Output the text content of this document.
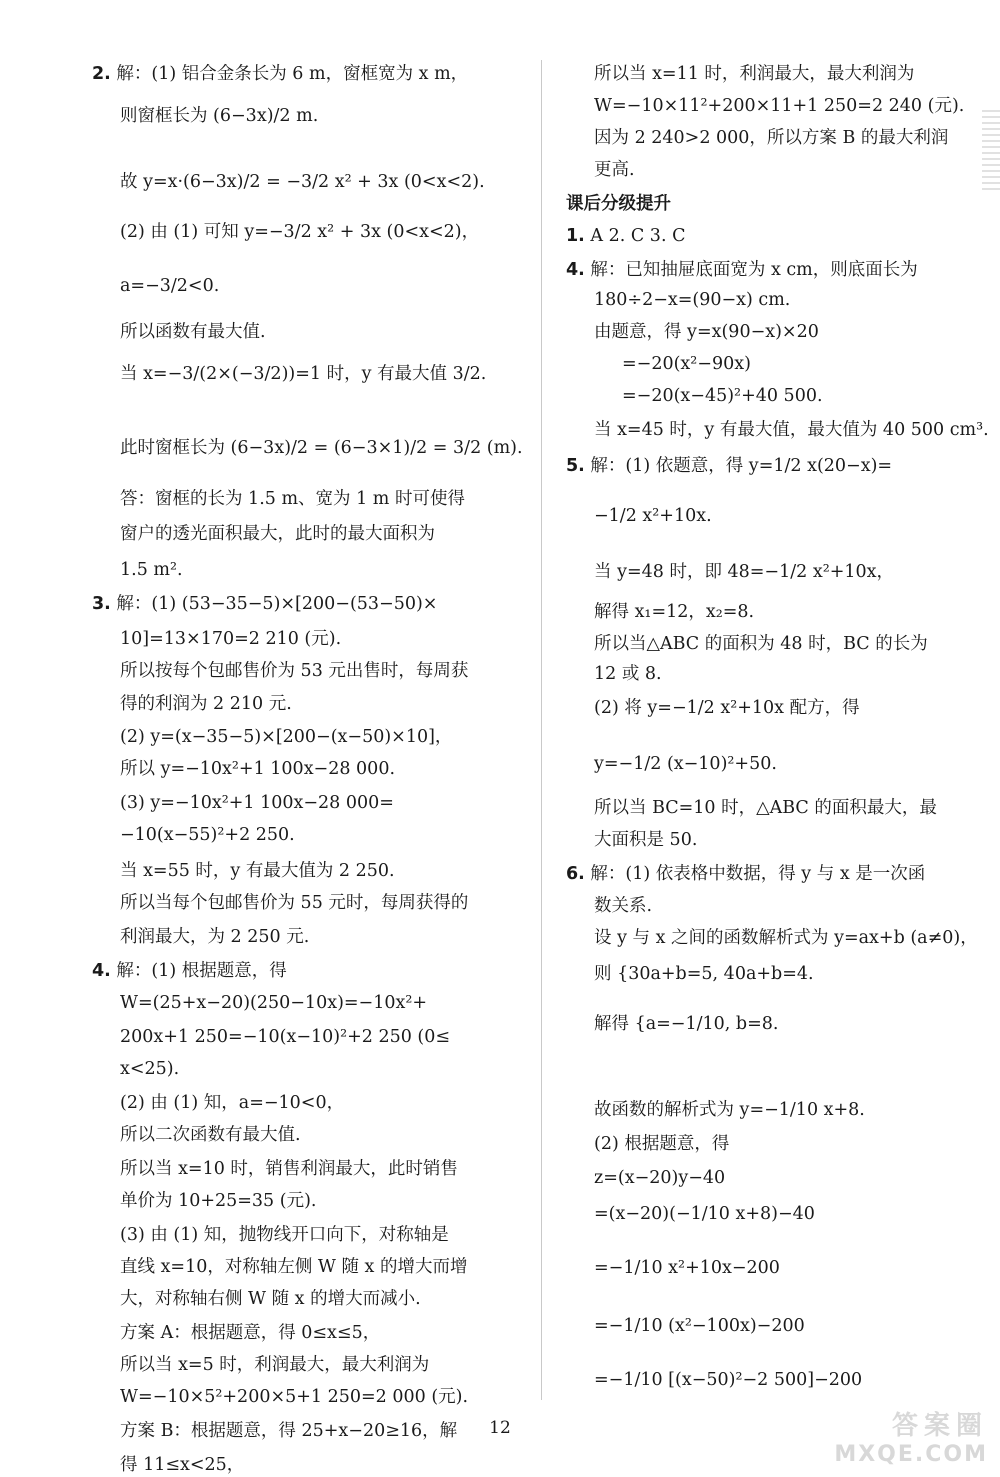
2. 解：(1) 铝合金条长为 6 m，窗框宽为 x m，
则窗框长为 (6−3x)/2 m.
故 y=x·(6−3x)/2 = −3/2 x² + 3x (0<x<2).
(2) 由 (1) 可知 y=−3/2 x² + 3x (0<x<2)，
a=−3/2<0.
所以函数有最大值.
当 x=−3/(2×(−3/2))=1 时，y 有最大值 3/2.
此时窗框长为 (6−3x)/2 = (6−3×1)/2 = 3/2 (m).
答：窗框的长为 1.5 m、宽为 1 m 时可使得
窗户的透光面积最大，此时的最大面积为
1.5 m².
3. 解：(1) (53−35−5)×[200−(53−50)×
10]=13×170=2 210 (元).
所以按每个包邮售价为 53 元出售时，每周获
得的利润为 2 210 元.
(2) y=(x−35−5)×[200−(x−50)×10]，
所以 y=−10x²+1 100x−28 000.
(3) y=−10x²+1 100x−28 000=
−10(x−55)²+2 250.
当 x=55 时，y 有最大值为 2 250.
所以当每个包邮售价为 55 元时，每周获得的
利润最大，为 2 250 元.
4. 解：(1) 根据题意，得
W=(25+x−20)(250−10x)=−10x²+
200x+1 250=−10(x−10)²+2 250 (0≤
x<25).
(2) 由 (1) 知，a=−10<0，
所以二次函数有最大值.
所以当 x=10 时，销售利润最大，此时销售
单价为 10+25=35 (元).
(3) 由 (1) 知，抛物线开口向下，对称轴是
直线 x=10，对称轴左侧 W 随 x 的增大而增
大，对称轴右侧 W 随 x 的增大而减小.
方案 A：根据题意，得 0≤x≤5，
所以当 x=5 时，利润最大，最大利润为
W=−10×5²+200×5+1 250=2 000 (元).
方案 B：根据题意，得 25+x−20≥16，解
得 11≤x<25，
所以当 x=11 时，利润最大，最大利润为
W=−10×11²+200×11+1 250=2 240 (元).
因为 2 240>2 000，所以方案 B 的最大利润
更高.
课后分级提升
1. A 2. C 3. C
4. 解：已知抽屉底面宽为 x cm，则底面长为
180÷2−x=(90−x) cm.
由题意，得 y=x(90−x)×20
=−20(x²−90x)
=−20(x−45)²+40 500.
当 x=45 时，y 有最大值，最大值为 40 500 cm³.
5. 解：(1) 依题意，得 y=1/2 x(20−x)=
−1/2 x²+10x.
当 y=48 时，即 48=−1/2 x²+10x，
解得 x₁=12，x₂=8.
所以当△ABC 的面积为 48 时，BC 的长为
12 或 8.
(2) 将 y=−1/2 x²+10x 配方，得
y=−1/2 (x−10)²+50.
所以当 BC=10 时，△ABC 的面积最大，最
大面积是 50.
6. 解：(1) 依表格中数据，得 y 与 x 是一次函
数关系.
设 y 与 x 之间的函数解析式为 y=ax+b (a≠0)，
则 {30a+b=5, 40a+b=4.
解得 {a=−1/10, b=8.
故函数的解析式为 y=−1/10 x+8.
(2) 根据题意，得
z=(x−20)y−40
=(x−20)(−1/10 x+8)−40
=−1/10 x²+10x−200
=−1/10 (x²−100x)−200
=−1/10 [(x−50)²−2 500]−200
12	答案圈
MXQE.COM
